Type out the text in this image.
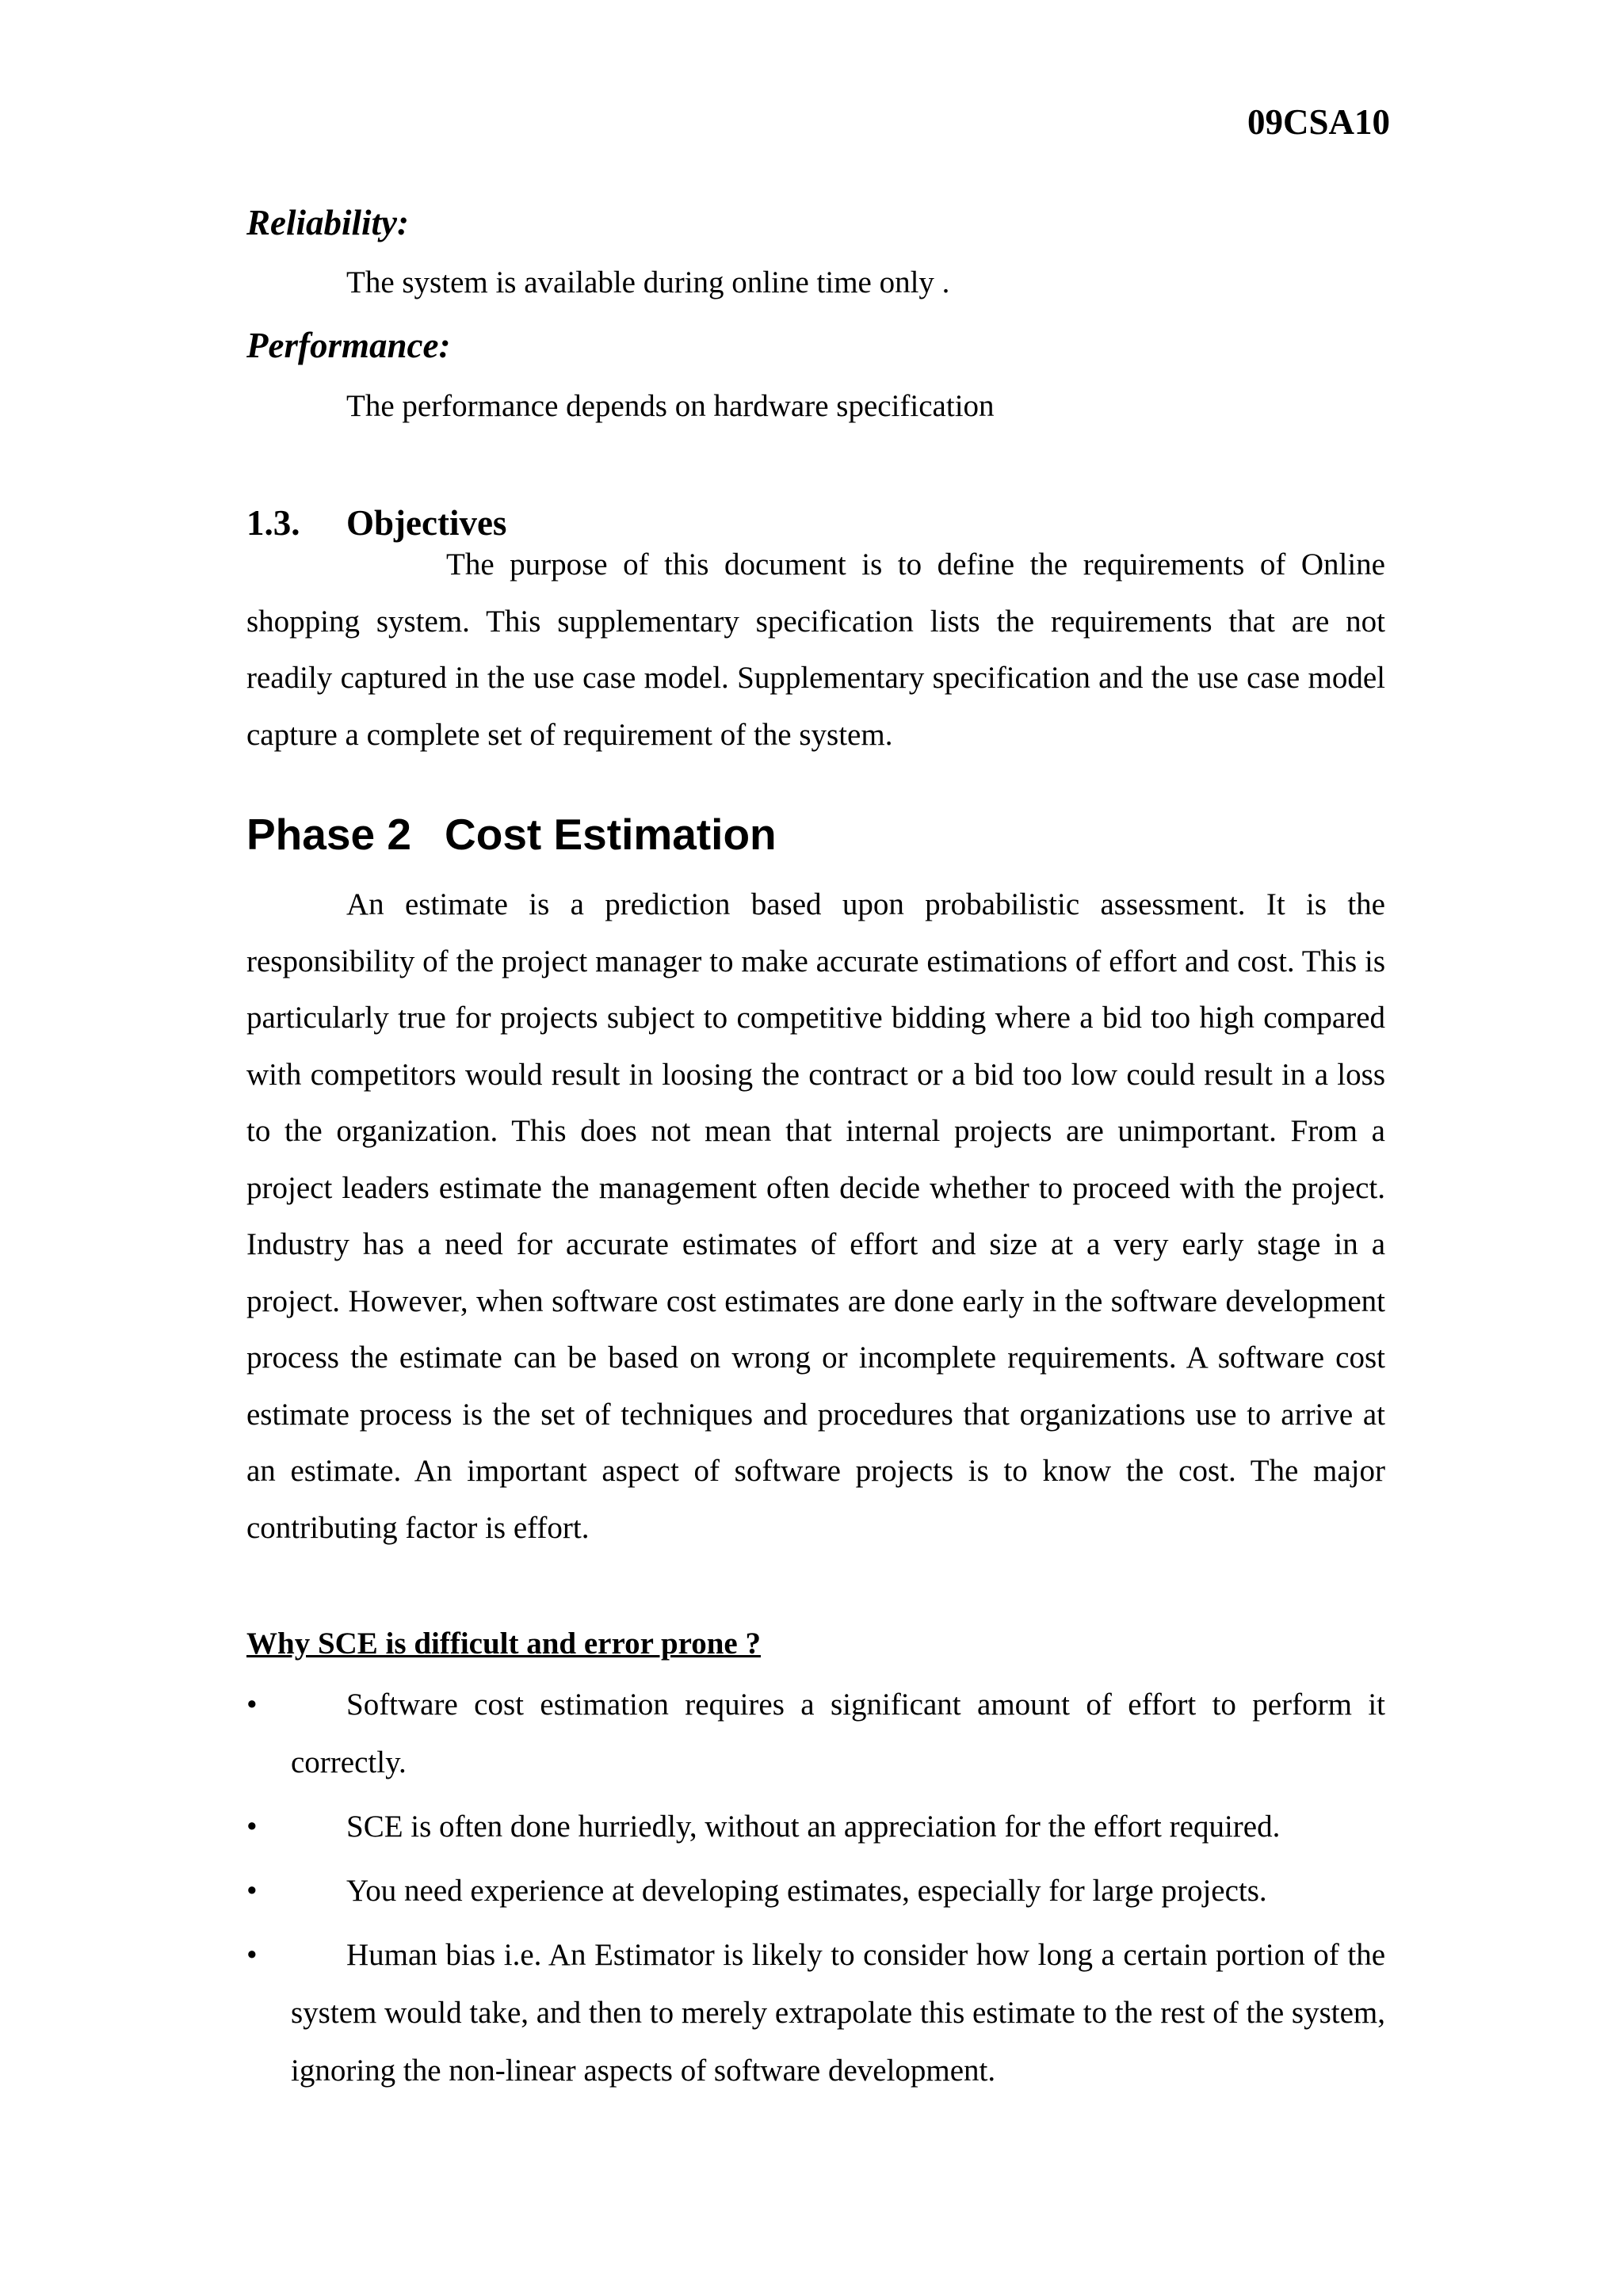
09CSA10

Reliability:

The system is available during online time only .

Performance:

The performance depends on hardware specification

1.3. Objectives

The purpose of this document is to define the requirements of Online shopping system. This supplementary specification lists the requirements that are not readily captured in the use case model. Supplementary specification and the use case model capture a complete set of requirement of the system.

Phase 2 Cost Estimation

An estimate is a prediction based upon probabilistic assessment. It is the responsibility of the project manager to make accurate estimations of effort and cost. This is particularly true for projects subject to competitive bidding where a bid too high compared with competitors would result in loosing the contract or a bid too low could result in a loss to the organization. This does not mean that internal projects are unimportant. From a project leaders estimate the management often decide whether to proceed with the project. Industry has a need for accurate estimates of effort and size at a very early stage in a project. However, when software cost estimates are done early in the software development process the estimate can be based on wrong or incomplete requirements. A software cost estimate process is the set of techniques and procedures that organizations use to arrive at an estimate. An important aspect of software projects is to know the cost. The major contributing factor is effort.

Why SCE is difficult and error prone ?

•	Software cost estimation requires a significant amount of effort to perform it correctly.
•	SCE is often done hurriedly, without an appreciation for the effort required.
•	You need experience at developing estimates, especially for large projects.
•	Human bias i.e. An Estimator is likely to consider how long a certain portion of the system would take, and then to merely extrapolate this estimate to the rest of the system, ignoring the non-linear aspects of software development.
